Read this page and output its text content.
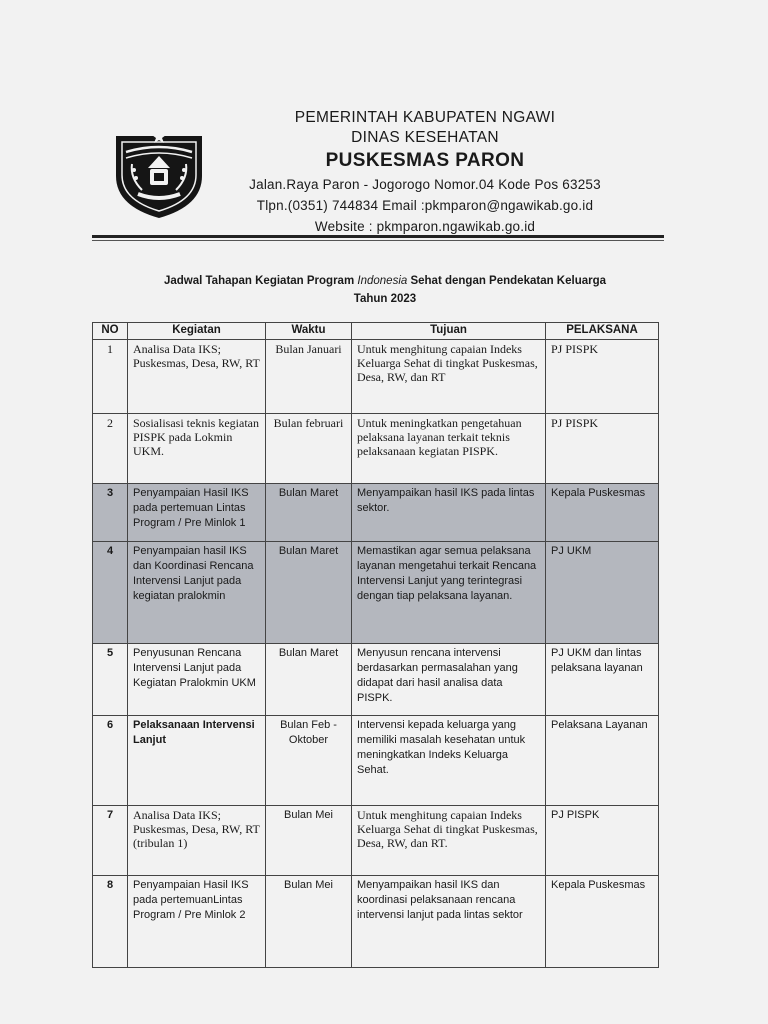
PEMERINTAH KABUPATEN NGAWI
DINAS KESEHATAN
PUSKESMAS PARON
Jalan.Raya Paron - Jogorogo Nomor.04 Kode Pos 63253
Tlpn.(0351) 744834 Email :pkmparon@ngawikab.go.id
Website : pkmparon.ngawikab.go.id
Jadwal Tahapan Kegiatan Program Indonesia Sehat dengan Pendekatan Keluarga
Tahun 2023
NO	Kegiatan	Waktu	Tujuan	PELAKSANA
1	Analisa Data IKS; Puskesmas, Desa, RW, RT	Bulan Januari	Untuk menghitung capaian Indeks Keluarga Sehat di tingkat Puskesmas, Desa, RW, dan RT	PJ PISPK
2	Sosialisasi teknis kegiatan PISPK pada Lokmin UKM.	Bulan februari	Untuk meningkatkan pengetahuan pelaksana layanan terkait teknis pelaksanaan kegiatan PISPK.	PJ PISPK
3	Penyampaian Hasil IKS pada pertemuan Lintas Program / Pre Minlok 1	Bulan Maret	Menyampaikan hasil IKS pada lintas sektor.	Kepala Puskesmas
4	Penyampaian hasil IKS dan Koordinasi Rencana Intervensi Lanjut pada kegiatan pralokmin	Bulan Maret	Memastikan agar semua pelaksana layanan mengetahui terkait Rencana Intervensi Lanjut yang terintegrasi dengan tiap pelaksana layanan.	PJ UKM
5	Penyusunan Rencana Intervensi Lanjut pada Kegiatan Pralokmin UKM	Bulan Maret	Menyusun rencana intervensi berdasarkan permasalahan yang didapat dari hasil analisa data PISPK.	PJ UKM dan lintas pelaksana layanan
6	Pelaksanaan Intervensi Lanjut	Bulan Feb - Oktober	Intervensi kepada keluarga yang memiliki masalah kesehatan untuk meningkatkan Indeks Keluarga Sehat.	Pelaksana Layanan
7	Analisa Data IKS; Puskesmas, Desa, RW, RT (tribulan 1)	Bulan Mei	Untuk menghitung capaian Indeks Keluarga Sehat di tingkat Puskesmas, Desa, RW, dan RT.	PJ PISPK
8	Penyampaian Hasil IKS pada pertemuanLintas Program / Pre Minlok 2	Bulan Mei	Menyampaikan hasil IKS dan koordinasi pelaksanaan rencana intervensi lanjut pada lintas sektor	Kepala Puskesmas
